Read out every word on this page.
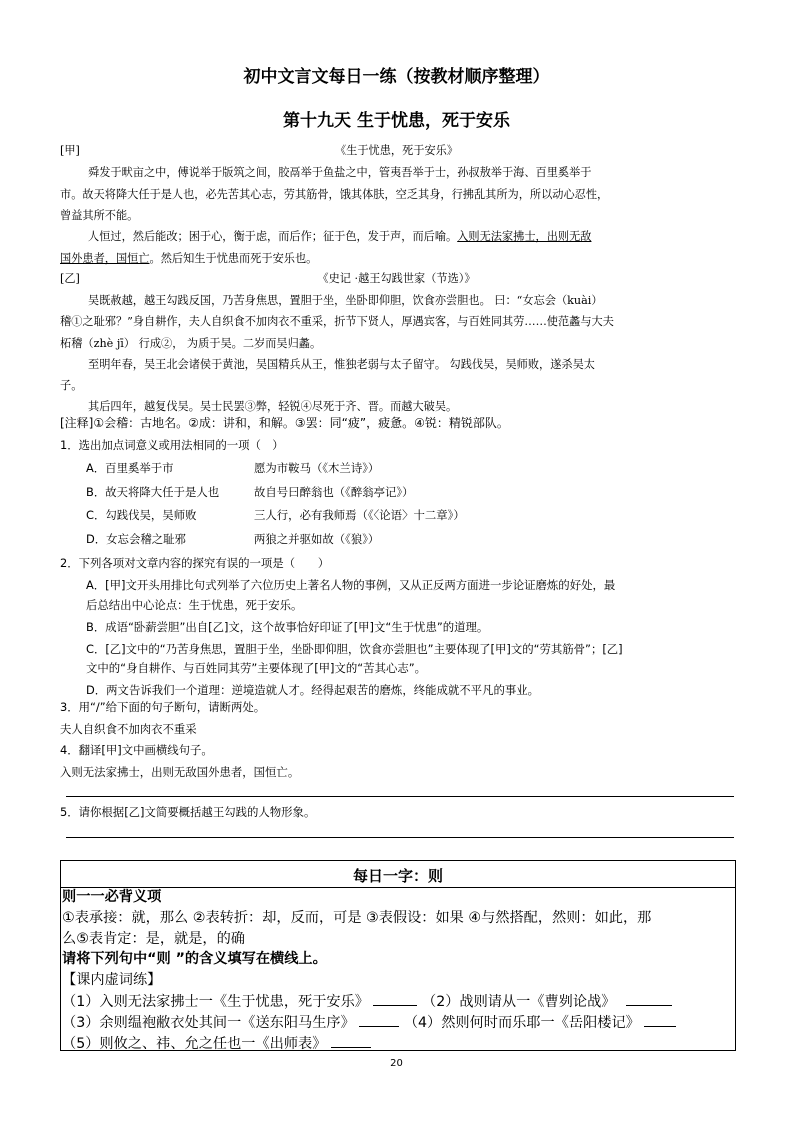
初中文言文每日一练（按教材顺序整理）
第十九天 生于忧患，死于安乐
[甲]	《生于忧患，死于安乐》
舜发于畎亩之中，傅说举于版筑之间，胶鬲举于鱼盐之中，管夷吾举于士，孙叔敖举于海、百里奚举于
市。故天将降大任于是人也，必先苦其心志，劳其筋骨，饿其体肤，空乏其身，行拂乱其所为，所以动心忍性，
曾益其所不能。
人恒过，然后能改；困于心，衡于虑，而后作；征于色，发于声，而后喻。入则无法家拂士，出则无敌
国外患者，国恒亡。然后知生于忧患而死于安乐也。
[乙]	《史记 ·越王勾践世家（节选）》
吴既赦越，越王勾践反国，乃苦身焦思，置胆于坐，坐卧即仰胆，饮食亦尝胆也。 曰：“女忘会（kuài）
稽①之耻邪？”身自耕作，夫人自织食不加肉衣不重采，折节下贤人，厚遇宾客，与百姓同其劳……使范蠡与大夫
柘稽（zhè jī） 行成②， 为质于吴。二岁而吴归蠡。
至明年春，吴王北会诸侯于黄池，吴国精兵从王，惟独老弱与太子留守。 勾践伐吴，吴师败，遂杀吴太
子。
其后四年，越复伐吴。吴士民罢③弊，轻锐④尽死于齐、晋。而越大破吴。
[注释]①会稽：古地名。②成：讲和，和解。③罢：同“疲”，疲惫。④锐：精锐部队。
1．选出加点词意义或用法相同的一项（　）
A．百里奚举于市	愿为市鞍马（《木兰诗》）
B．故天将降大任于是人也	故自号曰醉翁也（《醉翁亭记》）
C．勾践伐吴，吴师败	三人行，必有我师焉（《〈论语〉十二章》）
D．女忘会稽之耻邪	两狼之并驱如故（《狼》）
2．下列各项对文章内容的探究有误的一项是（　　）
A．[甲]文开头用排比句式列举了六位历史上著名人物的事例，又从正反两方面进一步论证磨炼的好处，最
后总结出中心论点：生于忧患，死于安乐。
B．成语“卧薪尝胆”出自[乙]文，这个故事恰好印证了[甲]文“生于忧患”的道理。
C．[乙]文中的“乃苦身焦思，置胆于坐，坐卧即仰胆，饮食亦尝胆也”主要体现了[甲]文的“劳其筋骨”；[乙]
文中的“身自耕作、与百姓同其劳”主要体现了[甲]文的“苦其心志”。
D．两文告诉我们一个道理：逆境造就人才。经得起艰苦的磨炼，终能成就不平凡的事业。
3．用“/”给下面的句子断句，请断两处。
夫人自织食不加肉衣不重采
4．翻译[甲]文中画横线句子。
入则无法家拂士，出则无敌国外患者，国恒亡。
5．请你根据[乙]文简要概括越王勾践的人物形象。
每日一字：则
则一一必背义项
①表承接：就，那么 ②表转折：却，反而，可是 ③表假设：如果 ④与然搭配，然则：如此，那
么⑤表肯定：是，就是，的确
请将下列句中“则 ”的含义填写在横线上。
【课内虚词练】
（1）入则无法家拂士一《生于忧患，死于安乐》	（2）战则请从一《曹刿论战》
（3）余则缊袍敝衣处其间一《送东阳马生序》	（4）然则何时而乐耶一《岳阳楼记》
（5）则攸之、祎、允之任也一《出师表》
20
